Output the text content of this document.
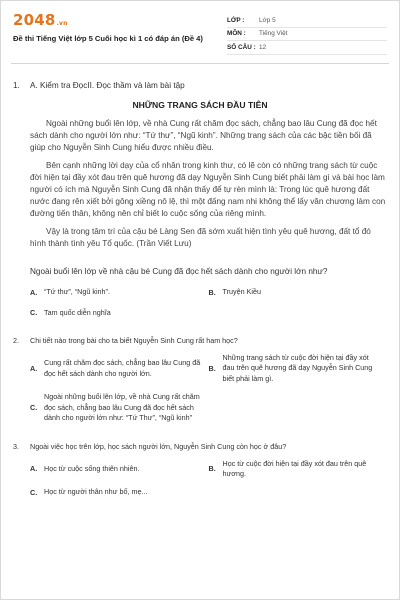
2048.vn
Đề thi Tiếng Việt lớp 5 Cuối học kì 1 có đáp án (Đề 4)
LỚP :	Lớp 5
MÔN :	Tiếng Việt
SỐ CÂU : 12
1.	A. Kiểm tra ĐọcII. Đọc thầm và làm bài tập
NHỮNG TRANG SÁCH ĐẦU TIÊN

Ngoài những buổi lên lớp, về nhà Cung rất chăm đọc sách, chẳng bao lâu Cung đã đọc hết sách dành cho người lớn như: “Tứ thư”, “Ngũ kinh”. Những trang sách của các bậc tiền bối đã giúp cho Nguyễn Sinh Cung hiểu được nhiều điều.

Bên cạnh những lời dạy của cổ nhân trong kinh thư, có lẽ còn có những trang sách từ cuộc đời hiện tại đầy xót đau trên quê hương đã dạy Nguyễn Sinh Cung biết phải làm gì và bài học làm người có ích mà Nguyễn Sinh Cung đã nhận thấy để tự rèn mình là: Trong lúc quê hương đất nước đang rên xiết bởi gông xiềng nô lệ, thì một đấng nam nhi không thể lấy văn chương làm con đường tiến thân, không nên chỉ biết lo cuộc sống của riêng mình.

Vậy là trong tâm trí của cậu bé Làng Sen đã sớm xuất hiện tình yêu quê hương, đất tổ đó hình thành tình yêu Tổ quốc. (Trần Viết Lưu)

Ngoài buổi lên lớp về nhà cậu bé Cung đã đọc hết sách dành cho người lớn như?

A. “Tứ thư”, “Ngũ kinh”.	B. Truyện Kiều
C. Tam quốc diễn nghĩa
2.	Chi tiết nào trong bài cho ta biết Nguyễn Sinh Cung rất ham học?
A.
Cung rất chăm đọc sách, chẳng bao lâu Cung đã đọc hết sách dành cho người lớn.	B.
Những trang sách từ cuộc đời hiện tại đầy xót đau trên quê hương đã dạy Nguyễn Sinh Cung biết phải làm gì.
C.
Ngoài những buổi lên lớp, về nhà Cung rất chăm đọc sách, chẳng bao lâu Cung đã đọc hết sách dành cho người lớn như: “Tứ Thư”, “Ngũ kinh”
3.	Ngoài việc học trên lớp, học sách người lớn, Nguyễn Sinh Cung còn học ở đâu?
A. Học từ cuộc sống thiên nhiên.	B.
Học từ cuộc đời hiện tại đầy xót đau trên quê hương.
C. Học từ người thân như bố, mẹ...
